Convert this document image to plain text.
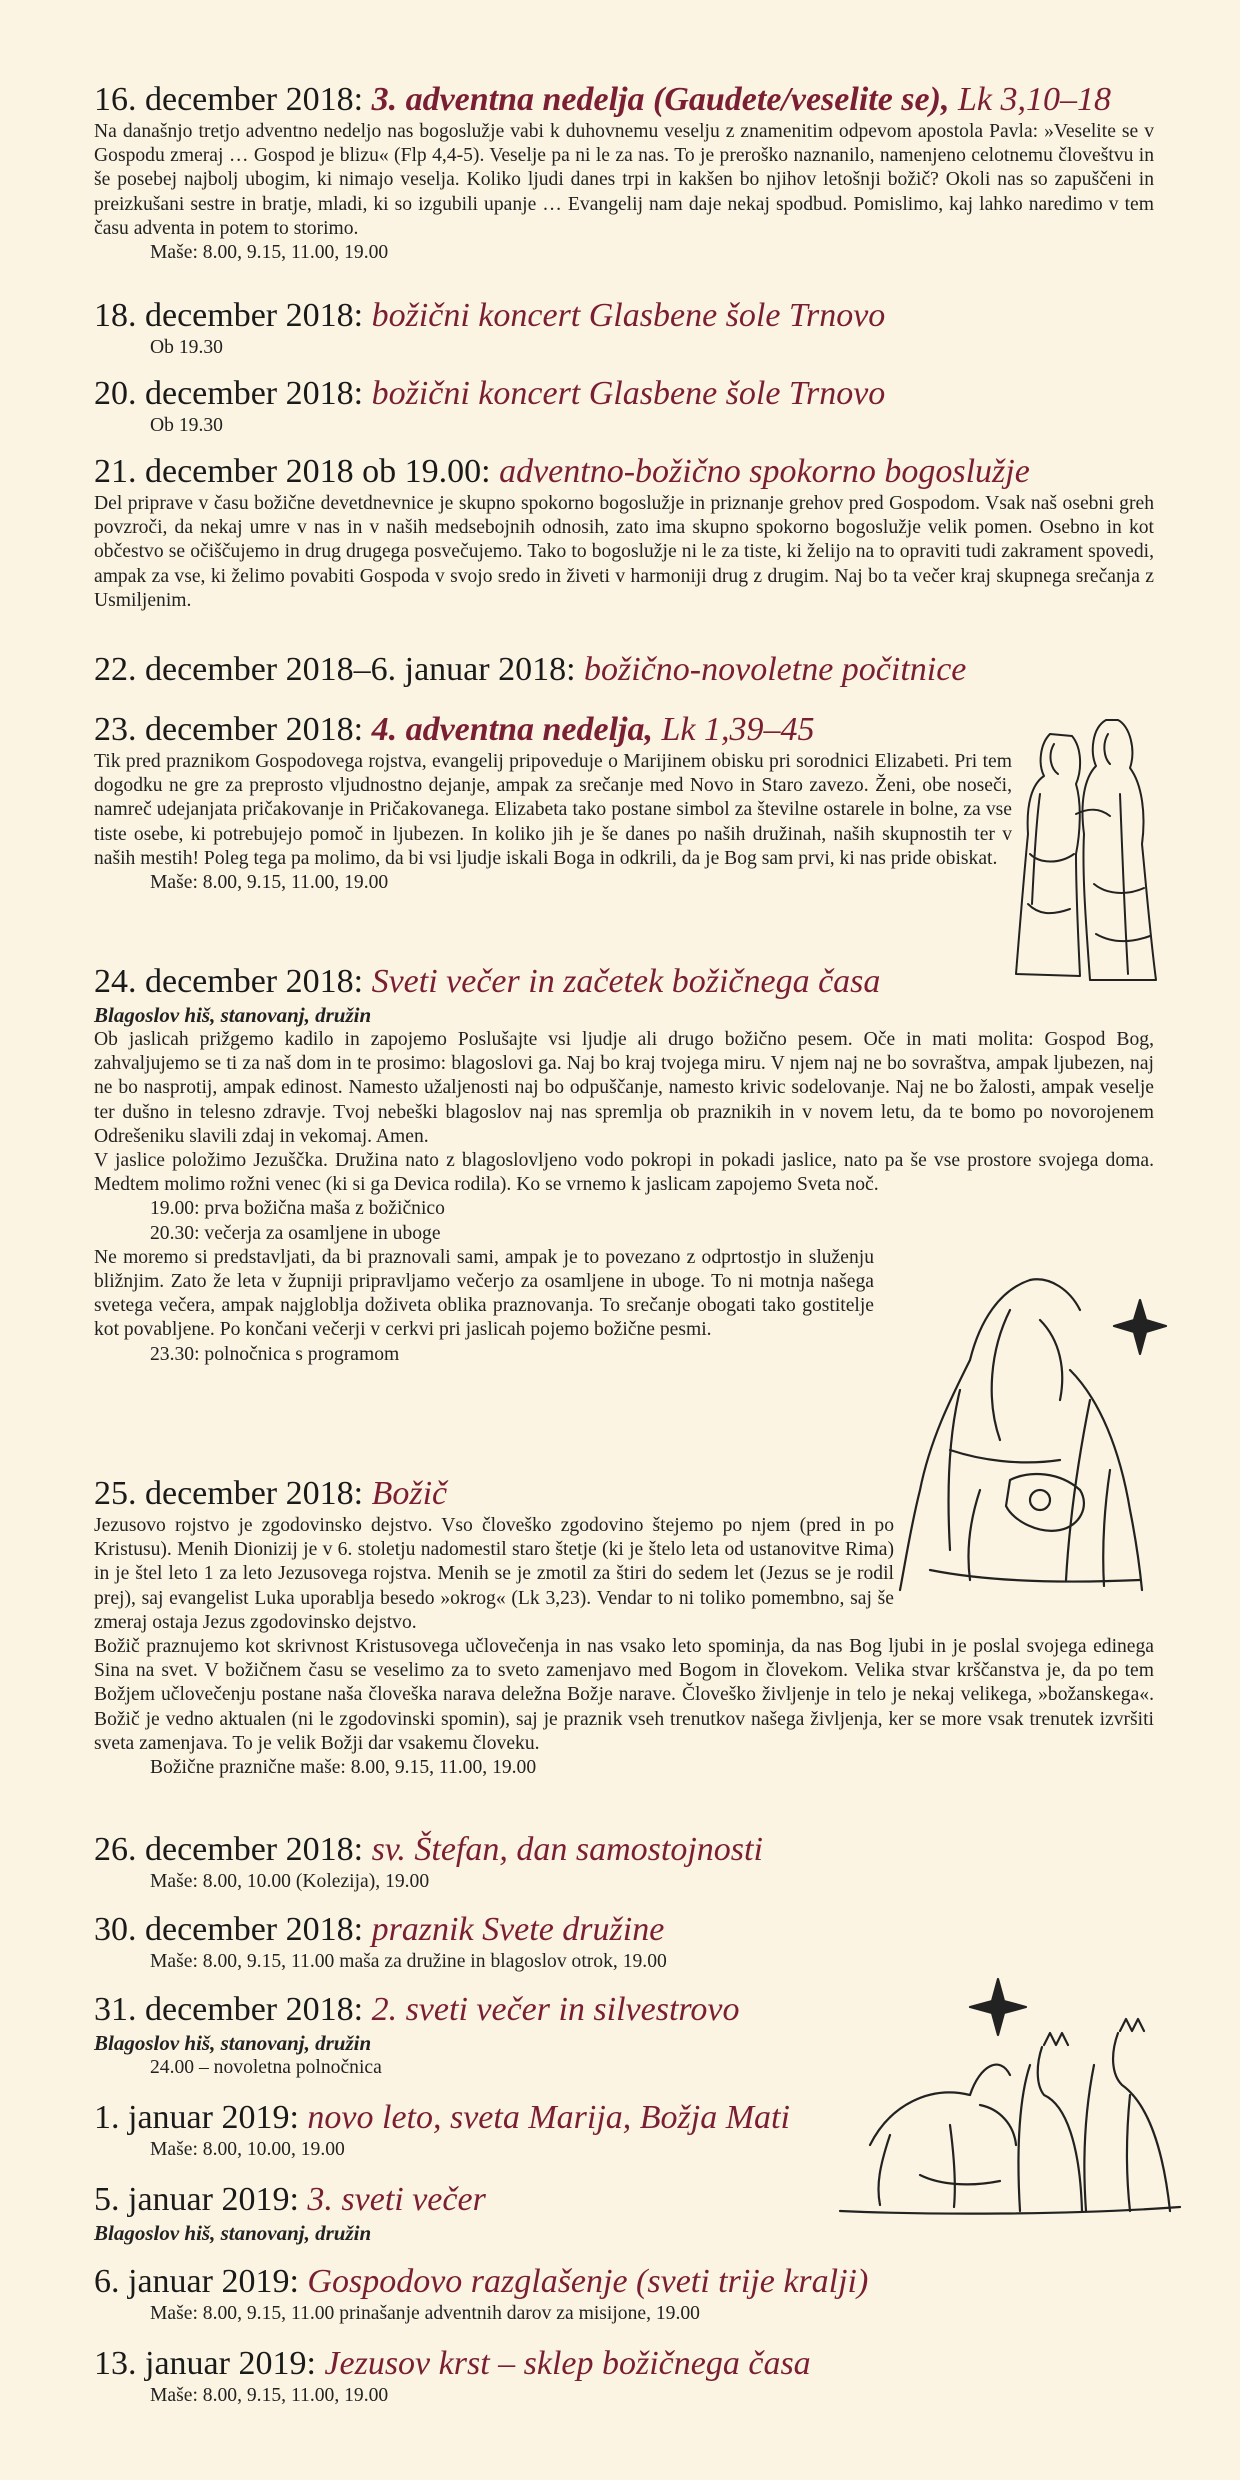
16. december 2018: 3. adventna nedelja (Gaudete/veselite se), Lk 3,10–18

Na današnjo tretjo adventno nedeljo nas bogoslužje vabi k duhovnemu veselju z znamenitim odpevom apostola Pavla: »Veselite se v Gospodu zmeraj … Gospod je blizu« (Flp 4,4-5). Veselje pa ni le za nas. To je preroško naznanilo, namenjeno celotnemu človeštvu in še posebej najbolj ubogim, ki nimajo veselja. Koliko ljudi danes trpi in kakšen bo njihov letošnji božič? Okoli nas so zapuščeni in preizkušani sestre in bratje, mladi, ki so izgubili upanje … Evangelij nam daje nekaj spodbud. Pomislimo, kaj lahko naredimo v tem času adventa in potem to storimo.

Maše: 8.00, 9.15, 11.00, 19.00

18. december 2018: božični koncert Glasbene šole Trnovo

Ob 19.30

20. december 2018: božični koncert Glasbene šole Trnovo

Ob 19.30

21. december 2018 ob 19.00: adventno-božično spokorno bogoslužje

Del priprave v času božične devetdnevnice je skupno spokorno bogoslužje in priznanje grehov pred Gospodom. Vsak naš osebni greh povzroči, da nekaj umre v nas in v naših medsebojnih odnosih, zato ima skupno spokorno bogoslužje velik pomen. Osebno in kot občestvo se očiščujemo in drug drugega posvečujemo. Tako to bogoslužje ni le za tiste, ki želijo na to opraviti tudi zakrament spovedi, ampak za vse, ki želimo povabiti Gospoda v svojo sredo in živeti v harmoniji drug z drugim. Naj bo ta večer kraj skupnega srečanja z Usmiljenim.

22. december 2018–6. januar 2018: božično-novoletne počitnice
23. december 2018: 4. adventna nedelja, Lk 1,39–45

Tik pred praznikom Gospodovega rojstva, evangelij pripoveduje o Marijinem obisku pri sorodnici Elizabeti. Pri tem dogodku ne gre za preprosto vljudnostno dejanje, ampak za srečanje med Novo in Staro zavezo. Ženi, obe noseči, namreč udejanjata pričakovanje in Pričakovanega. Elizabeta tako postane simbol za številne ostarele in bolne, za vse tiste osebe, ki potrebujejo pomoč in ljubezen. In koliko jih je še danes po naših družinah, naših skupnostih ter v naših mestih! Poleg tega pa molimo, da bi vsi ljudje iskali Boga in odkrili, da je Bog sam prvi, ki nas pride obiskat.

Maše: 8.00, 9.15, 11.00, 19.00

24. december 2018: Sveti večer in začetek božičnega časa

Blagoslov hiš, stanovanj, družin

Ob jaslicah prižgemo kadilo in zapojemo Poslušajte vsi ljudje ali drugo božično pesem. Oče in mati molita: Gospod Bog, zahvaljujemo se ti za naš dom in te prosimo: blagoslovi ga. Naj bo kraj tvojega miru. V njem naj ne bo sovraštva, ampak ljubezen, naj ne bo nasprotij, ampak edinost. Namesto užaljenosti naj bo odpuščanje, namesto krivic sodelovanje. Naj ne bo žalosti, ampak veselje ter dušno in telesno zdravje. Tvoj nebeški blagoslov naj nas spremlja ob praznikih in v novem letu, da te bomo po novorojenem Odrešeniku slavili zdaj in vekomaj. Amen.

V jaslice položimo Jezuščka. Družina nato z blagoslovljeno vodo pokropi in pokadi jaslice, nato pa še vse prostore svojega doma. Medtem molimo rožni venec (ki si ga Devica rodila). Ko se vrnemo k jaslicam zapojemo Sveta noč.

19.00: prva božična maša z božičnico

20.30: večerja za osamljene in uboge

Ne moremo si predstavljati, da bi praznovali sami, ampak je to povezano z odprtostjo in služenju bližnjim. Zato že leta v župniji pripravljamo večerjo za osamljene in uboge. To ni motnja našega svetega večera, ampak najgloblja doživeta oblika praznovanja. To srečanje obogati tako gostitelje kot povabljene. Po končani večerji v cerkvi pri jaslicah pojemo božične pesmi.

23.30: polnočnica s programom

25. december 2018: Božič

Jezusovo rojstvo je zgodovinsko dejstvo. Vso človeško zgodovino štejemo po njem (pred in po Kristusu). Menih Dionizij je v 6. stoletju nadomestil staro štetje (ki je štelo leta od ustanovitve Rima) in je štel leto 1 za leto Jezusovega rojstva. Menih se je zmotil za štiri do sedem let (Jezus se je rodil prej), saj evangelist Luka uporablja besedo »okrog« (Lk 3,23). Vendar to ni toliko pomembno, saj še zmeraj ostaja Jezus zgodovinsko dejstvo.

Božič praznujemo kot skrivnost Kristusovega učlovečenja in nas vsako leto spominja, da nas Bog ljubi in je poslal svojega edinega Sina na svet. V božičnem času se veselimo za to sveto zamenjavo med Bogom in človekom. Velika stvar krščanstva je, da po tem Božjem učlovečenju postane naša človeška narava deležna Božje narave. Človeško življenje in telo je nekaj velikega, »božanskega«. Božič je vedno aktualen (ni le zgodovinski spomin), saj je praznik vseh trenutkov našega življenja, ker se more vsak trenutek izvršiti sveta zamenjava. To je velik Božji dar vsakemu človeku.

Božične praznične maše: 8.00, 9.15, 11.00, 19.00

26. december 2018: sv. Štefan, dan samostojnosti

Maše: 8.00, 10.00 (Kolezija), 19.00

30. december 2018: praznik Svete družine

Maše: 8.00, 9.15, 11.00 maša za družine in blagoslov otrok, 19.00

31. december 2018: 2. sveti večer in silvestrovo

Blagoslov hiš, stanovanj, družin

24.00 – novoletna polnočnica

1. januar 2019: novo leto, sveta Marija, Božja Mati

Maše: 8.00, 10.00, 19.00

5. januar 2019: 3. sveti večer

Blagoslov hiš, stanovanj, družin

6. januar 2019: Gospodovo razglašenje (sveti trije kralji)

Maše: 8.00, 9.15, 11.00 prinašanje adventnih darov za misijone, 19.00

13. januar 2019: Jezusov krst – sklep božičnega časa

Maše: 8.00, 9.15, 11.00, 19.00
